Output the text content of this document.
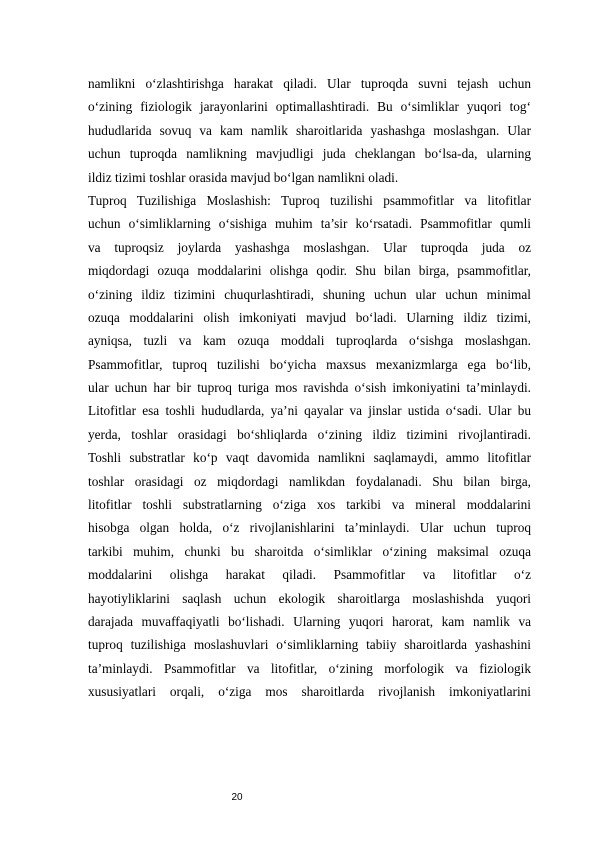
namlikni o‘zlashtirishga harakat qiladi. Ular tuproqda suvni tejash uchun
o‘zining fiziologik jarayonlarini optimallashtiradi. Bu o‘simliklar yuqori tog‘
hududlarida sovuq va kam namlik sharoitlarida yashashga moslashgan. Ular
uchun tuproqda namlikning mavjudligi juda cheklangan bo‘lsa-da, ularning
ildiz tizimi toshlar orasida mavjud bo‘lgan namlikni oladi.
Tuproq Tuzilishiga Moslashish: Tuproq tuzilishi psammofitlar va litofitlar
uchun o‘simliklarning o‘sishiga muhim ta’sir ko‘rsatadi. Psammofitlar qumli
va tuproqsiz joylarda yashashga moslashgan. Ular tuproqda juda oz
miqdordagi ozuqa moddalarini olishga qodir. Shu bilan birga, psammofitlar,
o‘zining ildiz tizimini chuqurlashtiradi, shuning uchun ular uchun minimal
ozuqa moddalarini olish imkoniyati mavjud bo‘ladi. Ularning ildiz tizimi,
ayniqsa, tuzli va kam ozuqa moddali tuproqlarda o‘sishga moslashgan.
Psammofitlar, tuproq tuzilishi bo‘yicha maxsus mexanizmlarga ega bo‘lib,
ular uchun har bir tuproq turiga mos ravishda o‘sish imkoniyatini ta’minlaydi.
Litofitlar esa toshli hududlarda, ya’ni qayalar va jinslar ustida o‘sadi. Ular bu
yerda, toshlar orasidagi bo‘shliqlarda o‘zining ildiz tizimini rivojlantiradi.
Toshli substratlar ko‘p vaqt davomida namlikni saqlamaydi, ammo litofitlar
toshlar orasidagi oz miqdordagi namlikdan foydalanadi. Shu bilan birga,
litofitlar toshli substratlarning o‘ziga xos tarkibi va mineral moddalarini
hisobga olgan holda, o‘z rivojlanishlarini ta’minlaydi. Ular uchun tuproq
tarkibi muhim, chunki bu sharoitda o‘simliklar o‘zining maksimal ozuqa
moddalarini olishga harakat qiladi. Psammofitlar va litofitlar o‘z
hayotiyliklarini saqlash uchun ekologik sharoitlarga moslashishda yuqori
darajada muvaffaqiyatli bo‘lishadi. Ularning yuqori harorat, kam namlik va
tuproq tuzilishiga moslashuvlari o‘simliklarning tabiiy sharoitlarda yashashini
ta’minlaydi. Psammofitlar va litofitlar, o‘zining morfologik va fiziologik
xususiyatlari orqali, o‘ziga mos sharoitlarda rivojlanish imkoniyatlarini
20
